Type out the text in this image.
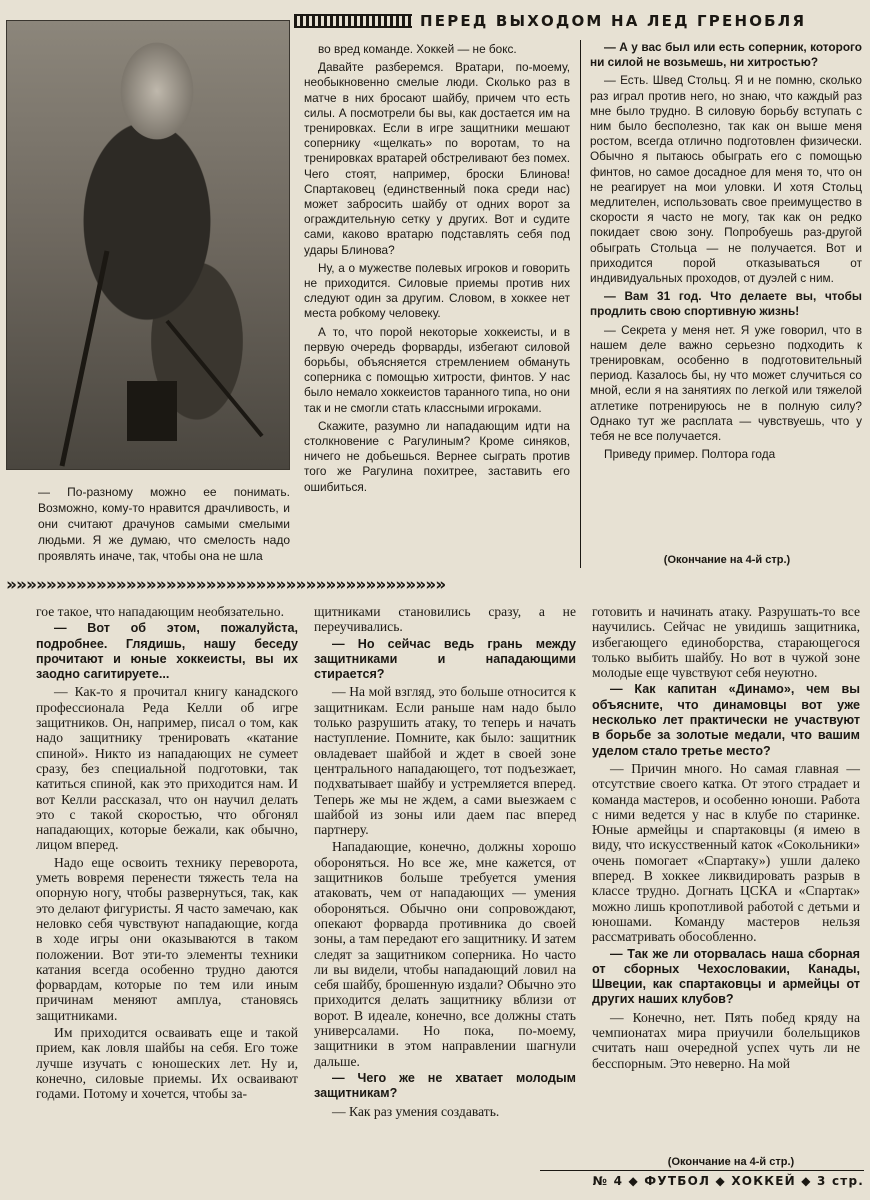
— По-разному можно ее понимать. Возможно, кому-то нравится драчливость, и они считают драчунов самыми смелыми людьми. Я же думаю, что смелость надо проявлять иначе, так, чтобы она не шла
ПЕРЕД ВЫХОДОМ НА ЛЕД ГРЕНОБЛЯ

во вред команде. Хоккей — не бокс.

Давайте разберемся. Вратари, по-моему, необыкновенно смелые люди. Сколько раз в матче в них бросают шайбу, причем что есть силы. А посмотрели бы вы, как достается им на тренировках. Если в игре защитники мешают сопернику «щелкать» по воротам, то на тренировках вратарей обстреливают без помех. Чего стоят, например, броски Блинова! Спартаковец (единственный пока среди нас) может забросить шайбу от одних ворот за ограждительную сетку у других. Вот и судите сами, каково вратарю подставлять себя под удары Блинова?

Ну, а о мужестве полевых игроков и говорить не приходится. Силовые приемы против них следуют один за другим. Словом, в хоккее нет места робкому человеку.

А то, что порой некоторые хоккеисты, и в первую очередь форварды, избегают силовой борьбы, объясняется стремлением обмануть соперника с помощью хитрости, финтов. У нас было немало хоккеистов таранного типа, но они так и не смогли стать классными игроками.

Скажите, разумно ли нападающим идти на столкновение с Рагулиным? Кроме синяков, ничего не добьешься. Вернее сыграть против того же Рагулина похитрее, заставить его ошибиться.

— А у вас был или есть соперник, которого ни силой не возьмешь, ни хитростью?

— Есть. Швед Стольц. Я и не помню, сколько раз играл против него, но знаю, что каждый раз мне было трудно. В силовую борьбу вступать с ним было бесполезно, так как он выше меня ростом, всегда отлично подготовлен физически. Обычно я пытаюсь обыграть его с помощью финтов, но самое досадное для меня то, что он не реагирует на мои уловки. И хотя Стольц медлителен, использовать свое преимущество в скорости я часто не могу, так как он редко покидает свою зону. Попробуешь раз-другой обыграть Стольца — не получается. Вот и приходится порой отказываться от индивидуальных проходов, от дуэлей с ним.

— Вам 31 год. Что делаете вы, чтобы продлить свою спортивную жизнь!

— Секрета у меня нет. Я уже говорил, что в нашем деле важно серьезно подходить к тренировкам, особенно в подготовительный период. Казалось бы, ну что может случиться со мной, если я на занятиях по легкой или тяжелой атлетике потренируюсь не в полную силу? Однако тут же расплата — чувствуешь, что у тебя не все получается.

Приведу пример. Полтора года

(Окончание на 4-й стр.)
»»»»»»»»»»»»»»»»»»»»»»»»»»»»»»»»»»»»»»»»»»»»

гое такое, что нападающим необязательно.

— Вот об этом, пожалуйста, подробнее. Глядишь, нашу беседу прочитают и юные хоккеисты, вы их заодно сагитируете...

— Как-то я прочитал книгу канадского профессионала Реда Келли об игре защитников. Он, например, писал о том, как надо защитнику тренировать «катание спиной». Никто из нападающих не сумеет сразу, без специальной подготовки, так катиться спиной, как это приходится нам. И вот Келли рассказал, что он научил делать это с такой скоростью, что обгонял нападающих, которые бежали, как обычно, лицом вперед.

Надо еще освоить технику переворота, уметь вовремя перенести тяжесть тела на опорную ногу, чтобы развернуться, так, как это делают фигуристы. Я часто замечаю, как неловко себя чувствуют нападающие, когда в ходе игры они оказываются в таком положении. Вот эти-то элементы техники катания всегда особенно трудно даются форвардам, которые по тем или иным причинам меняют амплуа, становясь защитниками.

Им приходится осваивать еще и такой прием, как ловля шайбы на себя. Его тоже лучше изучать с юношеских лет. Ну и, конечно, силовые приемы. Их осваивают годами. Потому и хочется, чтобы за-

щитниками становились сразу, а не переучивались.

— Но сейчас ведь грань между защитниками и нападающими стирается?

— На мой взгляд, это больше относится к защитникам. Если раньше нам надо было только разрушить атаку, то теперь и начать наступление. Помните, как было: защитник овладевает шайбой и ждет в своей зоне центрального нападающего, тот подъезжает, подхватывает шайбу и устремляется вперед. Теперь же мы не ждем, а сами выезжаем с шайбой из зоны или даем пас вперед партнеру.

Нападающие, конечно, должны хорошо обороняться. Но все же, мне кажется, от защитников больше требуется умения атаковать, чем от нападающих — умения обороняться. Обычно они сопровождают, опекают форварда противника до своей зоны, а там передают его защитнику. И затем следят за защитником соперника. Но часто ли вы видели, чтобы нападающий ловил на себя шайбу, брошенную издали? Обычно это приходится делать защитнику вблизи от ворот. В идеале, конечно, все должны стать универсалами. Но пока, по-моему, защитники в этом направлении шагнули дальше.

— Чего же не хватает молодым защитникам?

— Как раз умения создавать.

готовить и начинать атаку. Разрушать-то все научились. Сейчас не увидишь защитника, избегающего единоборства, старающегося только выбить шайбу. Но вот в чужой зоне молодые еще чувствуют себя неуютно.

— Как капитан «Динамо», чем вы объясните, что динамовцы вот уже несколько лет практически не участвуют в борьбе за золотые медали, что вашим уделом стало третье место?

— Причин много. Но самая главная — отсутствие своего катка. От этого страдает и команда мастеров, и особенно юноши. Работа с ними ведется у нас в клубе по старинке. Юные армейцы и спартаковцы (я имею в виду, что искусственный каток «Сокольники» очень помогает «Спартаку») ушли далеко вперед. В хоккее ликвидировать разрыв в классе трудно. Догнать ЦСКА и «Спартак» можно лишь кропотливой работой с детьми и юношами. Команду мастеров нельзя рассматривать обособленно.

— Так же ли оторвалась наша сборная от сборных Чехословакии, Канады, Швеции, как спартаковцы и армейцы от других наших клубов?

— Конечно, нет. Пять побед кряду на чемпионатах мира приучили болельщиков считать наш очередной успех чуть ли не бесспорным. Это неверно. На мой

(Окончание на 4-й стр.)
№ 4 ◆ ФУТБОЛ ◆ ХОККЕЙ ◆ 3 стр.
